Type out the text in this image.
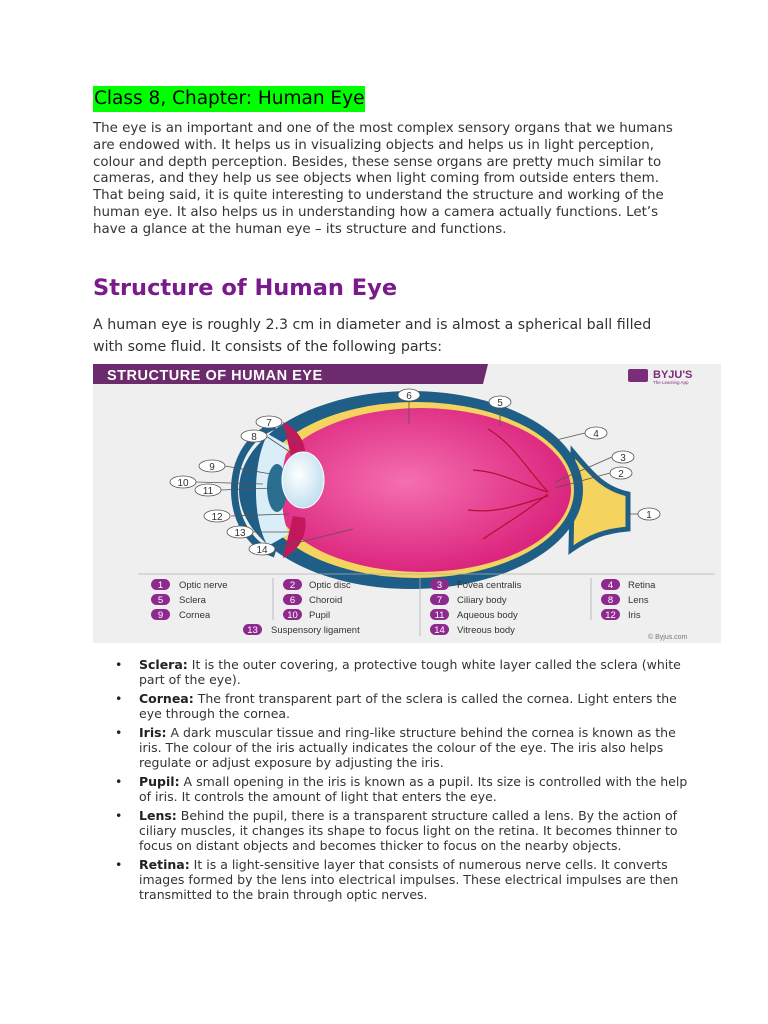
Class 8, Chapter: Human Eye

The eye is an important and one of the most complex sensory organs that we humans are endowed with. It helps us in visualizing objects and helps us in light perception, colour and depth perception. Besides, these sense organs are pretty much similar to cameras, and they help us see objects when light coming from outside enters them. That being said, it is quite interesting to understand the structure and working of the human eye. It also helps us in understanding how a camera actually functions. Let’s have a glance at the human eye – its structure and functions.

Structure of Human Eye

A human eye is roughly 2.3 cm in diameter and is almost a spherical ball filled with some fluid. It consists of the following parts:

STRUCTURE OF HUMAN EYE	BYJU'S
The Learning App
6
5
4
3
2
1
7
8
9
10
11
12
13
14
1 Optic nerve	2 Optic disc	3 Fovea centralis	4 Retina
5 Sclera	6 Choroid	7 Ciliary body	8 Lens
9 Cornea	10 Pupil	11 Aqueous body	12 Iris
13 Suspensory ligament	14 Vitreous body
© Byjus.com
• Sclera: It is the outer covering, a protective tough white layer called the sclera (white part of the eye).
• Cornea: The front transparent part of the sclera is called the cornea. Light enters the eye through the cornea.
• Iris: A dark muscular tissue and ring-like structure behind the cornea is known as the iris. The colour of the iris actually indicates the colour of the eye. The iris also helps regulate or adjust exposure by adjusting the iris.
• Pupil: A small opening in the iris is known as a pupil. Its size is controlled with the help of iris. It controls the amount of light that enters the eye.
• Lens: Behind the pupil, there is a transparent structure called a lens. By the action of ciliary muscles, it changes its shape to focus light on the retina. It becomes thinner to focus on distant objects and becomes thicker to focus on the nearby objects.
• Retina: It is a light-sensitive layer that consists of numerous nerve cells. It converts images formed by the lens into electrical impulses. These electrical impulses are then transmitted to the brain through optic nerves.
